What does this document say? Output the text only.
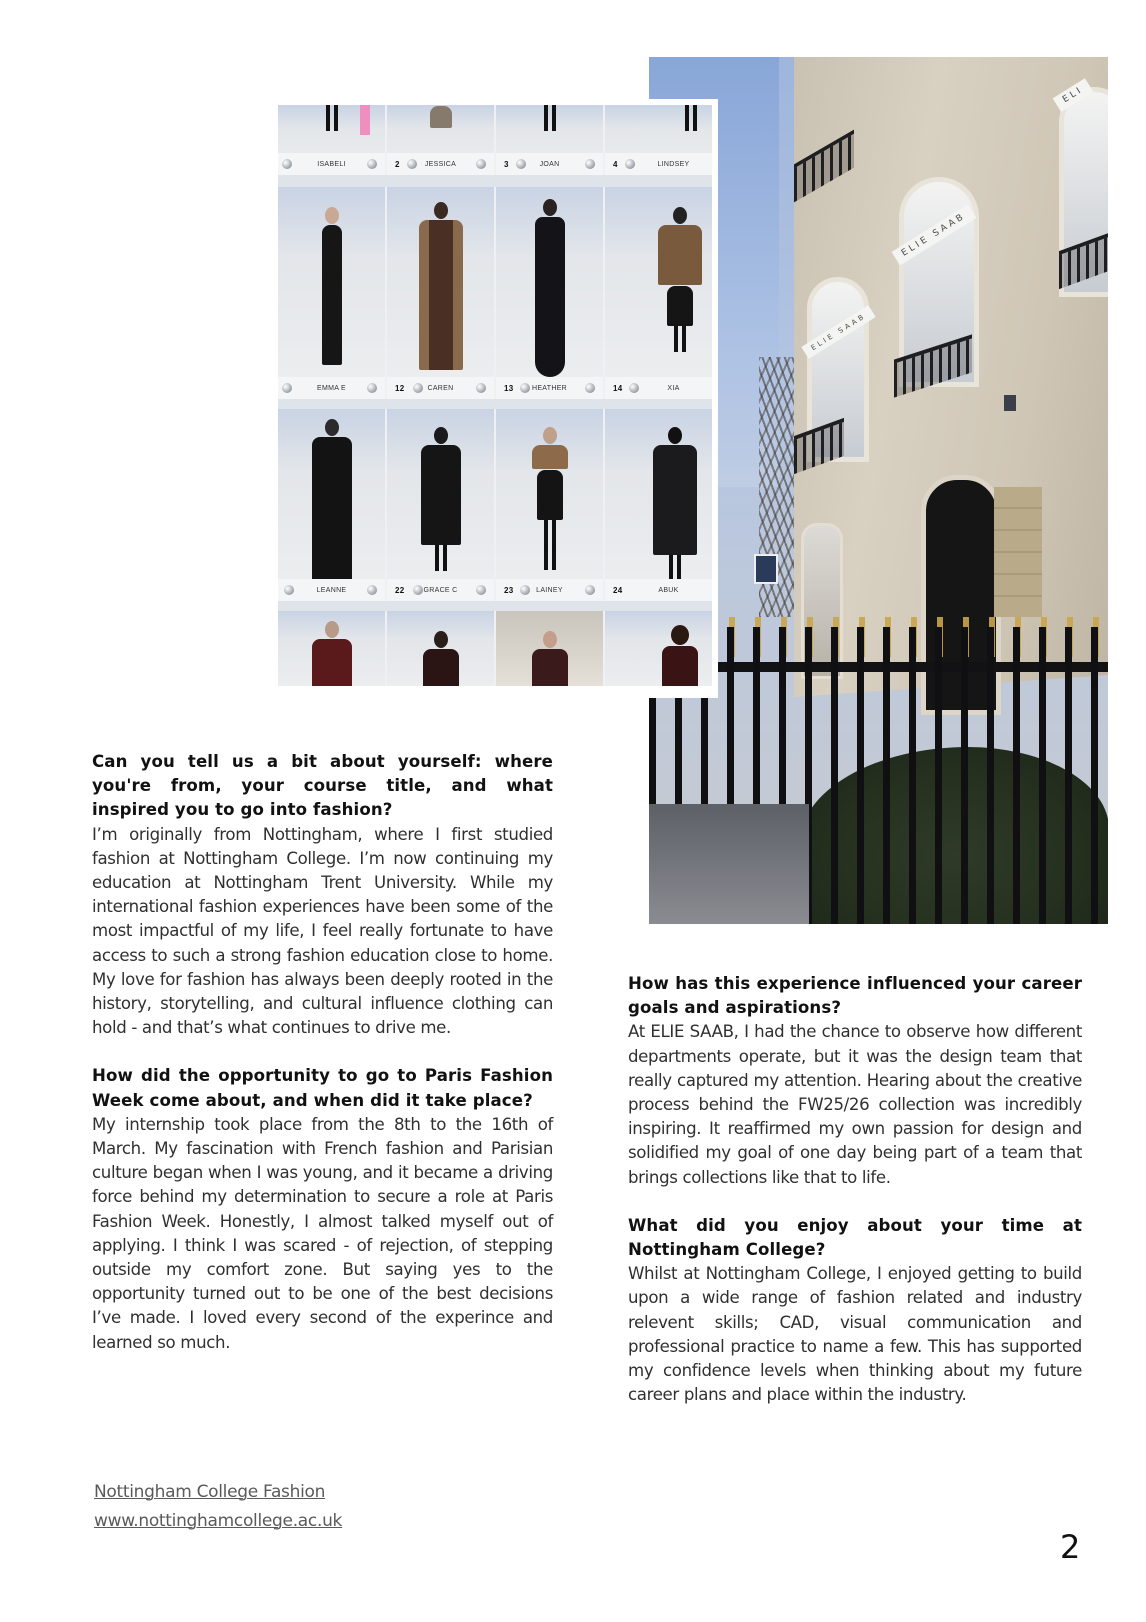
ELIE SAAB
ELIE SAAB
ELI
ISABELI	2	JESSICA	3	JOAN	4	LINDSEY
EMMA E	12	CAREN	13	HEATHER	14	XIA
LEANNE	22	GRACE C	23	LAINEY	24	ABUK
Can you tell us a bit about yourself: where you're from, your course title, and what inspired you to go into fashion?

I’m originally from Nottingham, where I first studied fashion at Nottingham College. I’m now continuing my education at Nottingham Trent University. While my international fashion experiences have been some of the most impactful of my life, I feel really fortunate to have access to such a strong fashion education close to home. My love for fashion has always been deeply rooted in the history, storytelling, and cultural influence clothing can hold - and that’s what continues to drive me.

How did the opportunity to go to Paris Fashion Week come about, and when did it take place?

My internship took place from the 8th to the 16th of March. My fascination with French fashion and Parisian culture began when I was young, and it became a driving force behind my determination to secure a role at Paris Fashion Week. Honestly, I almost talked myself out of applying. I think I was scared - of rejection, of stepping outside my comfort zone. But saying yes to the opportunity turned out to be one of the best decisions I’ve made. I loved every second of the experince and learned so much.

How has this experience influenced your career goals and aspirations?

At ELIE SAAB, I had the chance to observe how different departments operate, but it was the design team that really captured my attention. Hearing about the creative process behind the FW25/26 collection was incredibly inspiring. It reaffirmed my own passion for design and solidified my goal of one day being part of a team that brings collections like that to life.

What did you enjoy about your time at Nottingham College?

Whilst at Nottingham College, I enjoyed getting to build upon a wide range of fashion related and industry relevent skills; CAD, visual communication and professional practice to name a few. This has supported my confidence levels when thinking about my future career plans and place within the industry.

Nottingham College Fashion
www.nottinghamcollege.ac.uk
2
